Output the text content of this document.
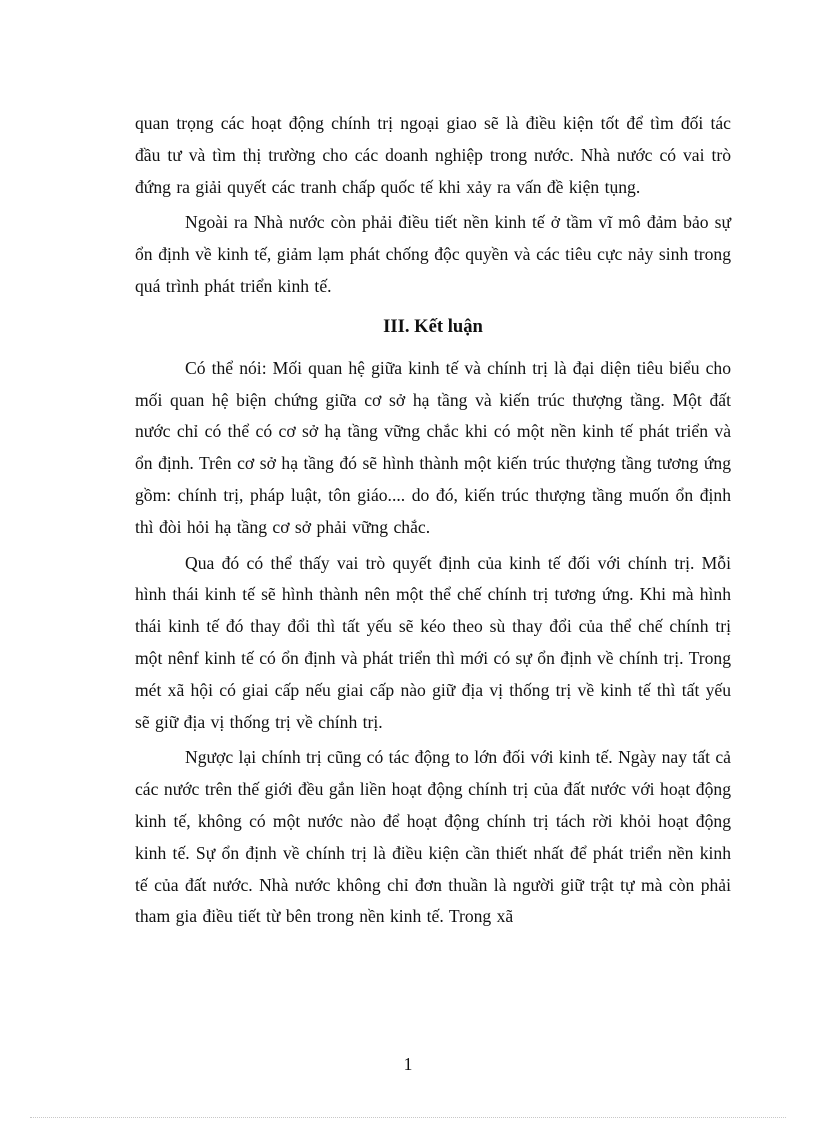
quan trọng các hoạt động chính trị ngoại giao sẽ là điều kiện tốt để tìm đối tác đầu tư và tìm thị trường cho các doanh nghiệp trong nước. Nhà nước có vai trò đứng ra giải quyết các tranh chấp quốc tế khi xảy ra vấn đề kiện tụng.

Ngoài ra Nhà nước còn phải điều tiết nền kinh tế ở tầm vĩ mô đảm bảo sự ổn định về kinh tế, giảm lạm phát chống độc quyền và các tiêu cực nảy sinh trong quá trình phát triển kinh tế.

III. Kết luận

Có thể nói: Mối quan hệ giữa kinh tế và chính trị là đại diện tiêu biểu cho mối quan hệ biện chứng giữa cơ sở hạ tầng và kiến trúc thượng tầng. Một đất nước chỉ có thể có cơ sở hạ tầng vững chắc khi có một nền kinh tế phát triển và ổn định. Trên cơ sở hạ tầng đó sẽ hình thành một kiến trúc thượng tầng tương ứng gồm: chính trị, pháp luật, tôn giáo.... do đó, kiến trúc thượng tầng muốn ổn định thì đòi hỏi hạ tầng cơ sở phải vững chắc.

Qua đó có thể thấy vai trò quyết định của kinh tế đối với chính trị. Mỗi hình thái kinh tế sẽ hình thành nên một thể chế chính trị tương ứng. Khi mà hình thái kinh tế đó thay đổi thì tất yếu sẽ kéo theo sù thay đổi của thể chế chính trị một nênf kinh tế có ổn định và phát triển thì mới có sự ổn định về chính trị. Trong mét xã hội có giai cấp nếu giai cấp nào giữ địa vị thống trị về kinh tế thì tất yếu sẽ giữ địa vị thống trị về chính trị.

Ngược lại chính trị cũng có tác động to lớn đối với kinh tế. Ngày nay tất cả các nước trên thế giới đều gắn liền hoạt động chính trị của đất nước với hoạt động kinh tế, không có một nước nào để hoạt động chính trị tách rời khỏi hoạt động kinh tế. Sự ổn định về chính trị là điều kiện cần thiết nhất để phát triển nền kinh tế của đất nước. Nhà nước không chỉ đơn thuần là người giữ trật tự mà còn phải tham gia điều tiết từ bên trong nền kinh tế. Trong xã

1
